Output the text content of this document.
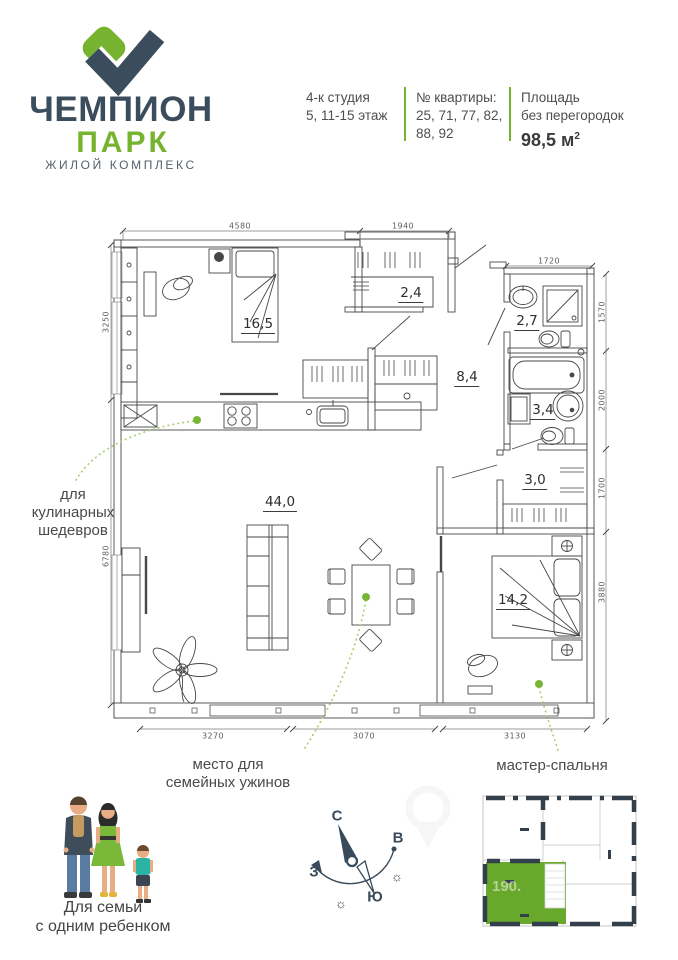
☼
☼
190.
ЧЕМПИОН
ПАРК
ЖИЛОЙ КОМПЛЕКС
4-к студия
5, 11-15 этаж
№ квартиры:
25, 71, 77, 82,
88, 92
Площадь
без перегородок
98,5 $м^2$
4580	1940
1720
3250
6780
1570
2000
1700
3880
3270	3070	3130
16,5
2,4
2,7
8,4
3,4
3,0
44,0
14,2
для
кулинарных
шедевров
место для
семейных ужинов
мастер-спальня
С
В
З
Ю
Для семьи
с одним ребенком
